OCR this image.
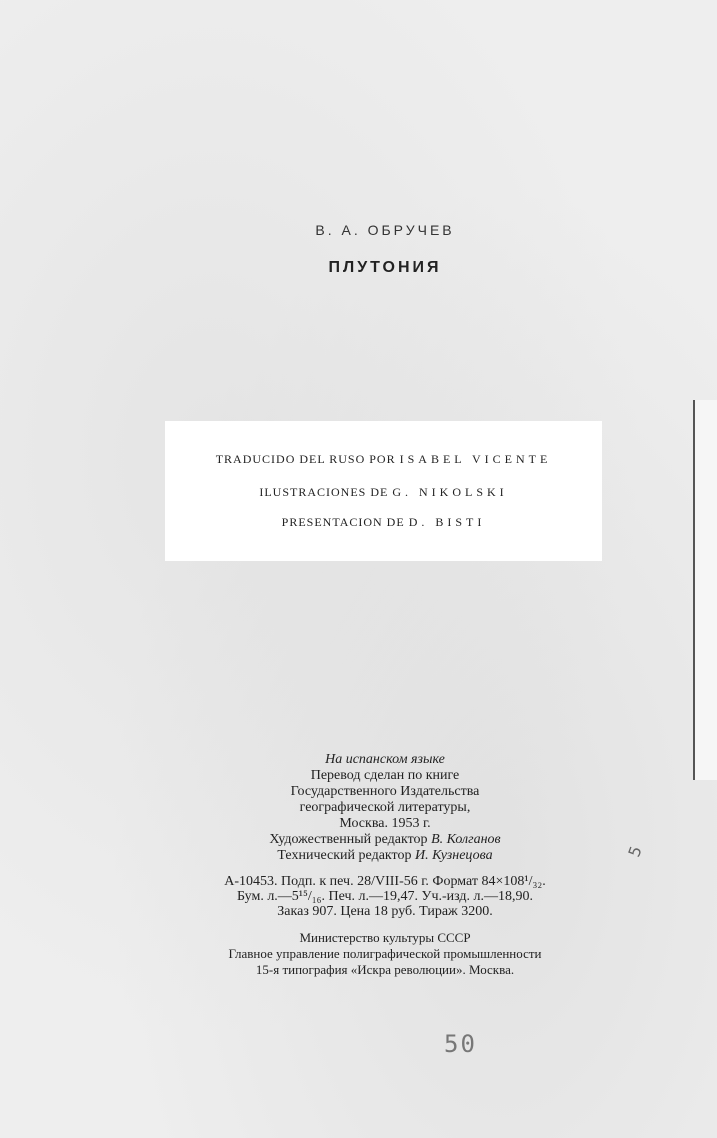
В. А. ОБРУЧЕВ
ПЛУТОНИЯ
TRADUCIDO DEL RUSO POR ISABEL VICENTE
ILUSTRACIONES DE G. NIKOLSKI
PRESENTACION DE D. BISTI
На испанском языке
Перевод сделан по книге
Государственного Издательства
географической литературы,
Москва. 1953 г.
Художественный редактор В. Колганов
Технический редактор И. Кузнецова
А-10453. Подп. к печ. 28/VIII-56 г. Формат 84×108¹/₃₂.
Бум. л.—5¹⁵/₁₆. Печ. л.—19,47. Уч.-изд. л.—18,90.
Заказ 907. Цена 18 руб. Тираж 3200.
Министерство культуры СССР
Главное управление полиграфической промышленности
15-я типография «Искра революции». Москва.
50
5
